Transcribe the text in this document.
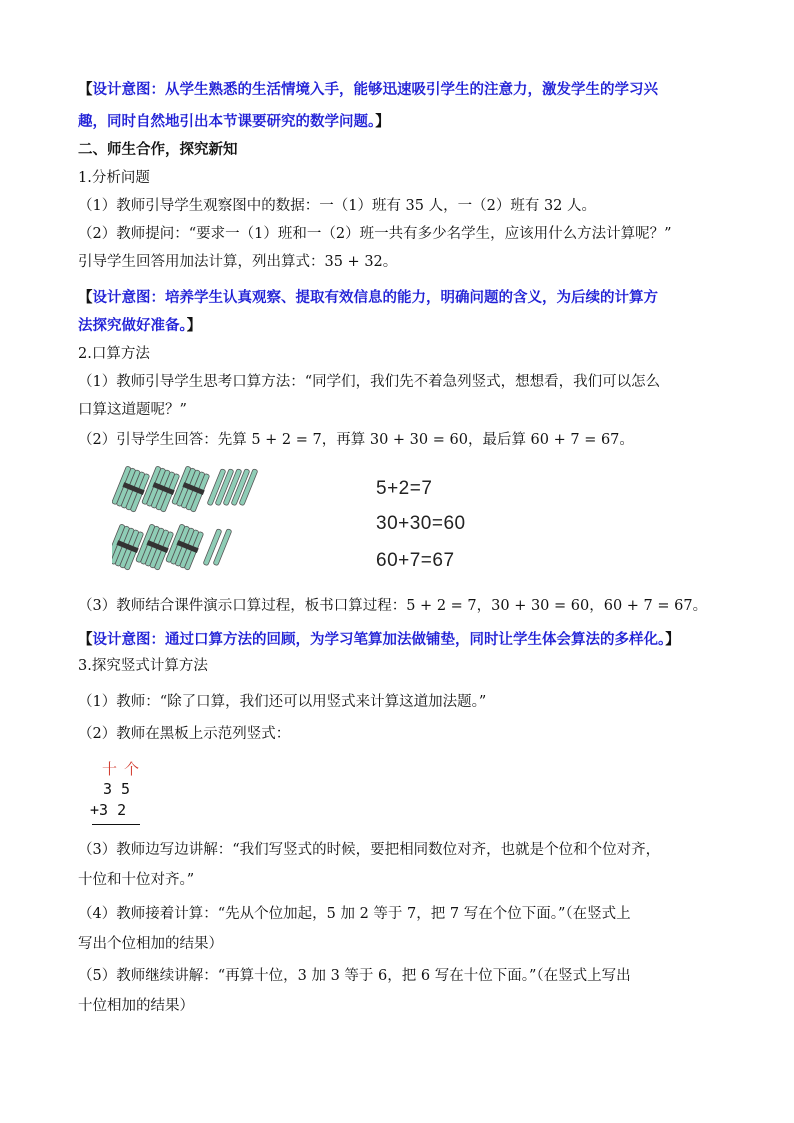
【设计意图：从学生熟悉的生活情境入手，能够迅速吸引学生的注意力，激发学生的学习兴
趣，同时自然地引出本节课要研究的数学问题。】
二、师生合作，探究新知
1.分析问题
（1）教师引导学生观察图中的数据：一（1）班有 35 人，一（2）班有 32 人。
（2）教师提问：“要求一（1）班和一（2）班一共有多少名学生，应该用什么方法计算呢？”
引导学生回答用加法计算，列出算式：35 + 32。
【设计意图：培养学生认真观察、提取有效信息的能力，明确问题的含义，为后续的计算方
法探究做好准备。】
2.口算方法
（1）教师引导学生思考口算方法：“同学们，我们先不着急列竖式，想想看，我们可以怎么
口算这道题呢？”
（2）引导学生回答：先算 5 + 2 = 7，再算 30 + 30 = 60，最后算 60 + 7 = 67。
5+2=7
30+30=60
60+7=67
（3）教师结合课件演示口算过程，板书口算过程：5 + 2 = 7，30 + 30 = 60，60 + 7 = 67。
【设计意图：通过口算方法的回顾，为学习笔算加法做铺垫，同时让学生体会算法的多样化。】
3.探究竖式计算方法
（1）教师：“除了口算，我们还可以用竖式来计算这道加法题。”
（2）教师在黑板上示范列竖式：
十 个
3 5
+3 2
（3）教师边写边讲解：“我们写竖式的时候，要把相同数位对齐，也就是个位和个位对齐，
十位和十位对齐。”
（4）教师接着计算：“先从个位加起，5 加 2 等于 7，把 7 写在个位下面。”（在竖式上
写出个位相加的结果）
（5）教师继续讲解：“再算十位，3 加 3 等于 6，把 6 写在十位下面。”（在竖式上写出
十位相加的结果）
